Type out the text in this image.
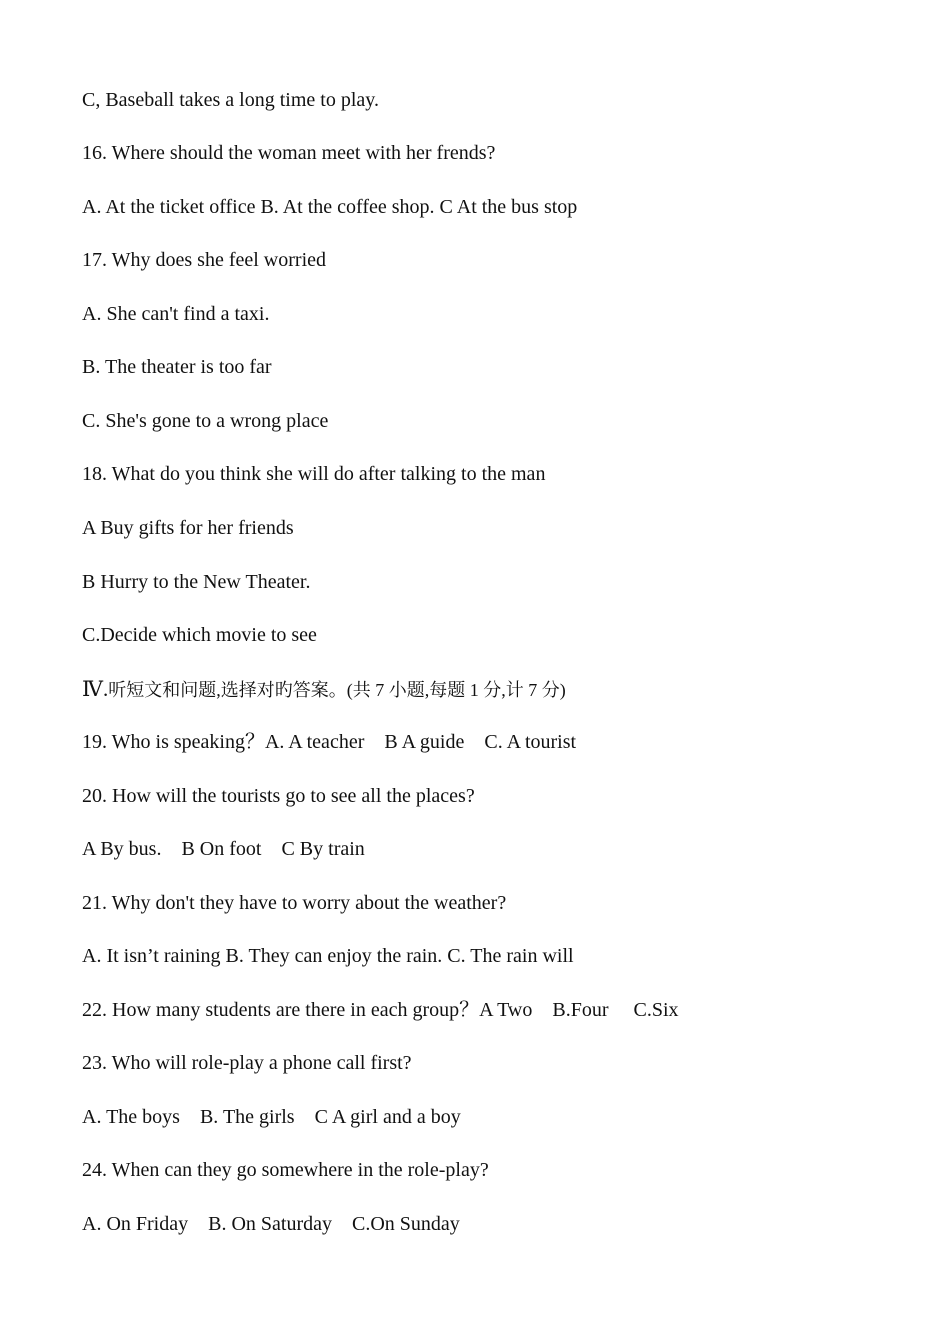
C, Baseball takes a long time to play.
16. Where should the woman meet with her frends?
A. At the ticket office B. At the coffee shop. C At the bus stop
17. Why does she feel worried
A. She can't find a taxi.
B. The theater is too far
C. She's gone to a wrong place
18. What do you think she will do after talking to the man
A Buy gifts for her friends
B Hurry to the New Theater.
C.Decide which movie to see
Ⅳ.听短文和问题,选择对旳答案。(共 7 小题,每题 1 分,计 7 分)
19. Who is speaking？A. A teacher    B A guide    C. A tourist
20. How will the tourists go to see all the places?
A By bus.    B On foot    C By train
21. Why don't they have to worry about the weather?
A. It isn’t raining B. They can enjoy the rain. C. The rain will
22. How many students are there in each group？A Two    B.Four     C.Six
23. Who will role-play a phone call first?
A. The boys    B. The girls    C A girl and a boy
24. When can they go somewhere in the role-play?
A. On Friday    B. On Saturday    C.On Sunday
